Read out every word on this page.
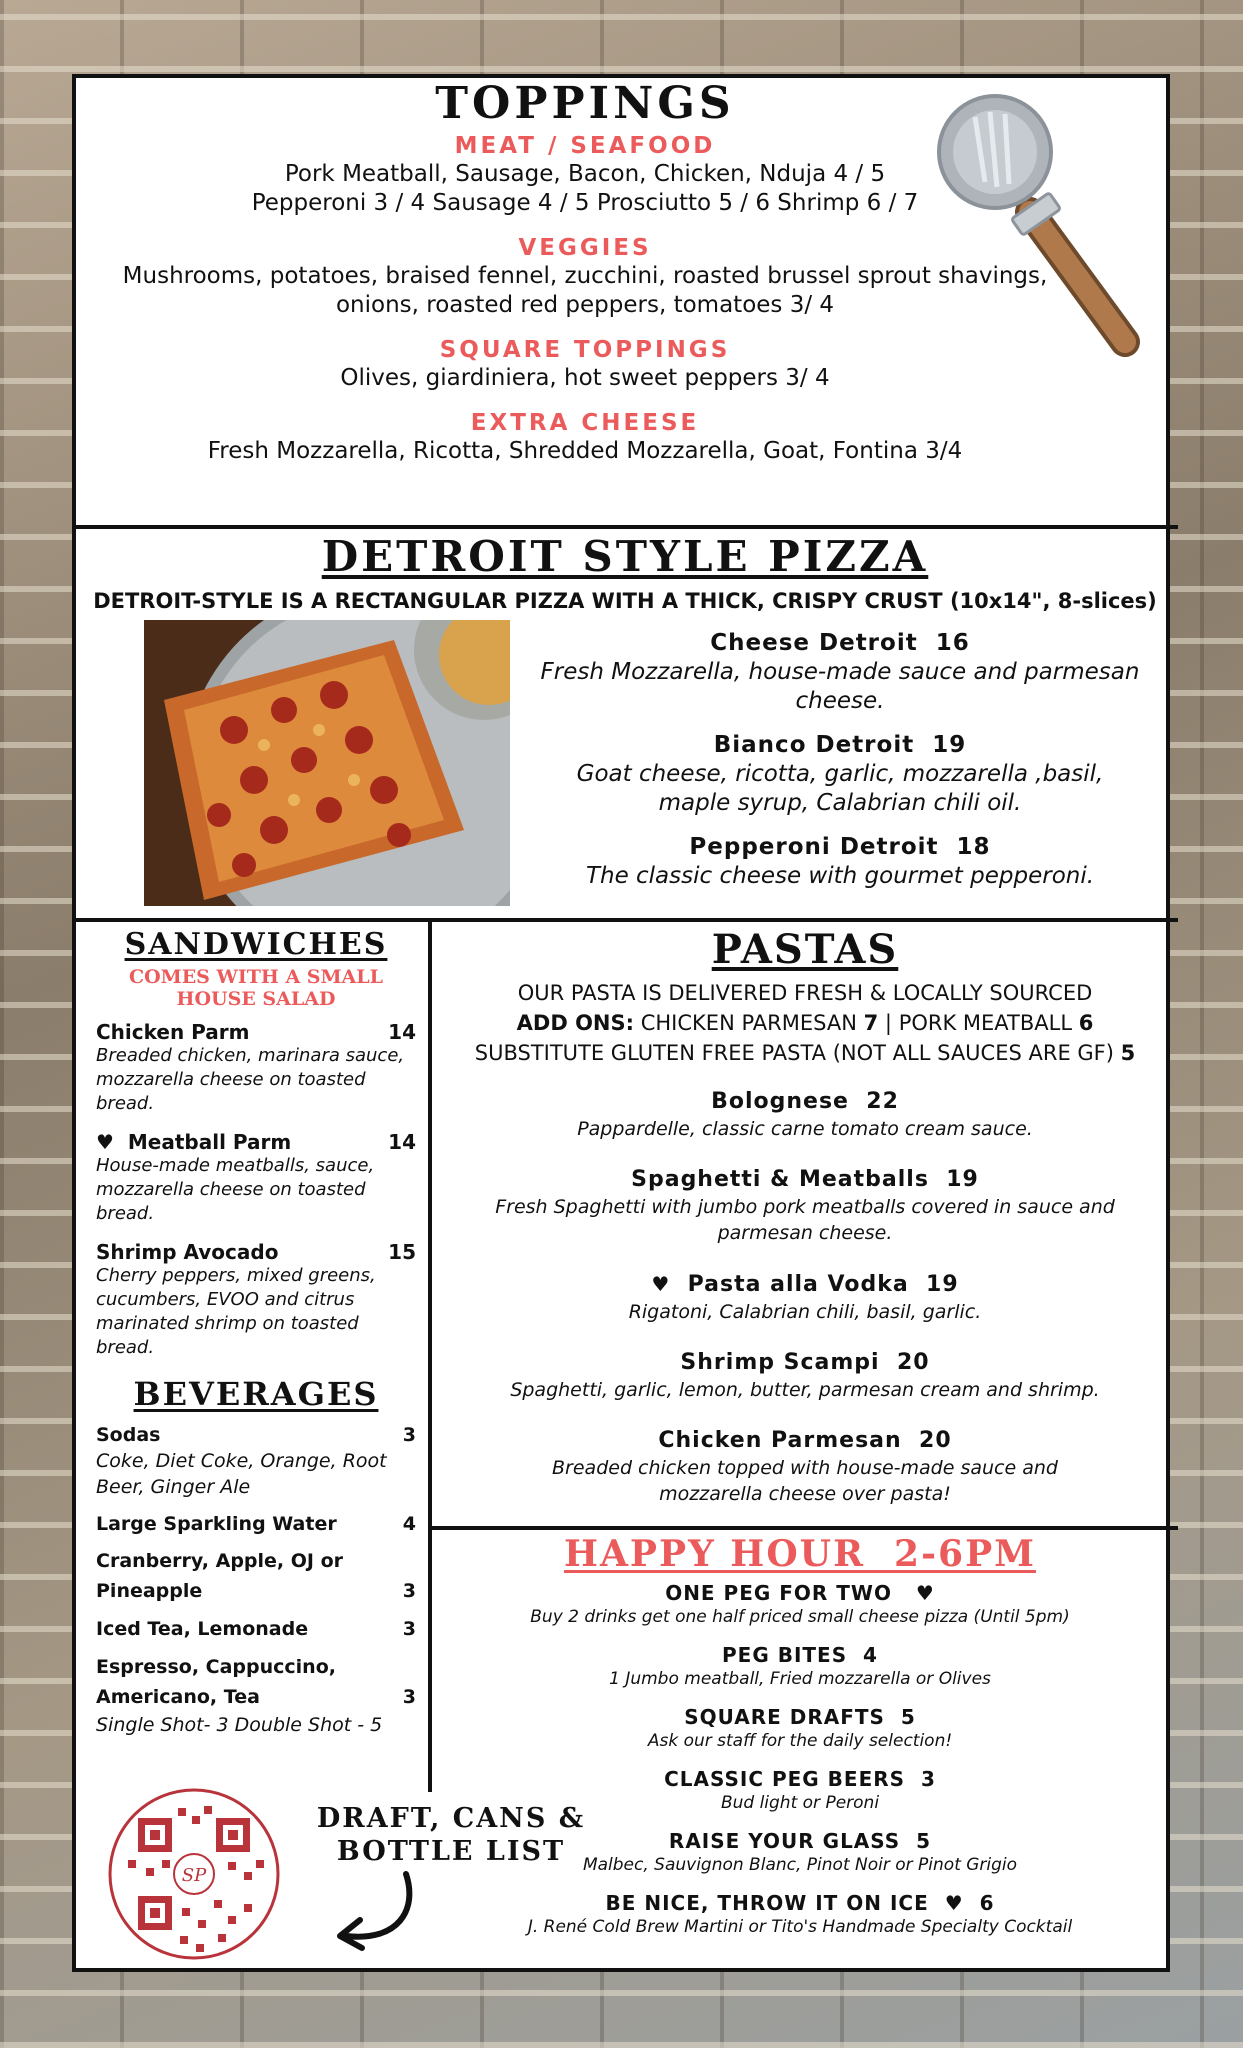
TOPPINGS
MEAT / SEAFOOD
Pork Meatball, Sausage, Bacon, Chicken, Nduja 4 / 5
Pepperoni 3 / 4 Sausage 4 / 5 Prosciutto 5 / 6 Shrimp 6 / 7
VEGGIES
Mushrooms, potatoes, braised fennel, zucchini, roasted brussel sprout shavings,
onions, roasted red peppers, tomatoes 3/ 4
SQUARE TOPPINGS
Olives, giardiniera, hot sweet peppers 3/ 4
EXTRA CHEESE
Fresh Mozzarella, Ricotta, Shredded Mozzarella, Goat, Fontina 3/4
DETROIT STYLE PIZZA
DETROIT-STYLE IS A RECTANGULAR PIZZA WITH A THICK, CRISPY CRUST (10x14", 8-slices)
Cheese Detroit 16
Fresh Mozzarella, house-made sauce and parmesan
cheese.
Bianco Detroit 19
Goat cheese, ricotta, garlic, mozzarella ,basil,
maple syrup, Calabrian chili oil.
Pepperoni Detroit 18
The classic cheese with gourmet pepperoni.
SANDWICHES
COMES WITH A SMALL
HOUSE SALAD
Chicken Parm	14
Breaded chicken, marinara sauce, mozzarella cheese on toasted bread.
♥ Meatball Parm	14
House-made meatballs, sauce, mozzarella cheese on toasted bread.
Shrimp Avocado	15
Cherry peppers, mixed greens, cucumbers, EVOO and citrus marinated shrimp on toasted bread.
BEVERAGES
Sodas	3
Coke, Diet Coke, Orange, Root Beer, Ginger Ale
Large Sparkling Water	4
Cranberry, Apple, OJ or Pineapple	3
Iced Tea, Lemonade	3
Espresso, Cappuccino, Americano, Tea	3
Single Shot- 3 Double Shot - 5
SP
DRAFT, CANS &
BOTTLE LIST
PASTAS
OUR PASTA IS DELIVERED FRESH & LOCALLY SOURCED
ADD ONS: CHICKEN PARMESAN 7 | PORK MEATBALL 6
SUBSTITUTE GLUTEN FREE PASTA (NOT ALL SAUCES ARE GF) 5
Bolognese 22
Pappardelle, classic carne tomato cream sauce.
Spaghetti & Meatballs 19
Fresh Spaghetti with jumbo pork meatballs covered in sauce and parmesan cheese.
♥ Pasta alla Vodka 19
Rigatoni, Calabrian chili, basil, garlic.
Shrimp Scampi 20
Spaghetti, garlic, lemon, butter, parmesan cream and shrimp.
Chicken Parmesan 20
Breaded chicken topped with house-made sauce and mozzarella cheese over pasta!
HAPPY HOUR  2-6PM
ONE PEG FOR TWO ♥
Buy 2 drinks get one half priced small cheese pizza (Until 5pm)
PEG BITES 4
1 Jumbo meatball, Fried mozzarella or Olives
SQUARE DRAFTS 5
Ask our staff for the daily selection!
CLASSIC PEG BEERS 3
Bud light or Peroni
RAISE YOUR GLASS 5
Malbec, Sauvignon Blanc, Pinot Noir or Pinot Grigio
BE NICE, THROW IT ON ICE ♥ 6
J. René Cold Brew Martini or Tito's Handmade Specialty Cocktail
